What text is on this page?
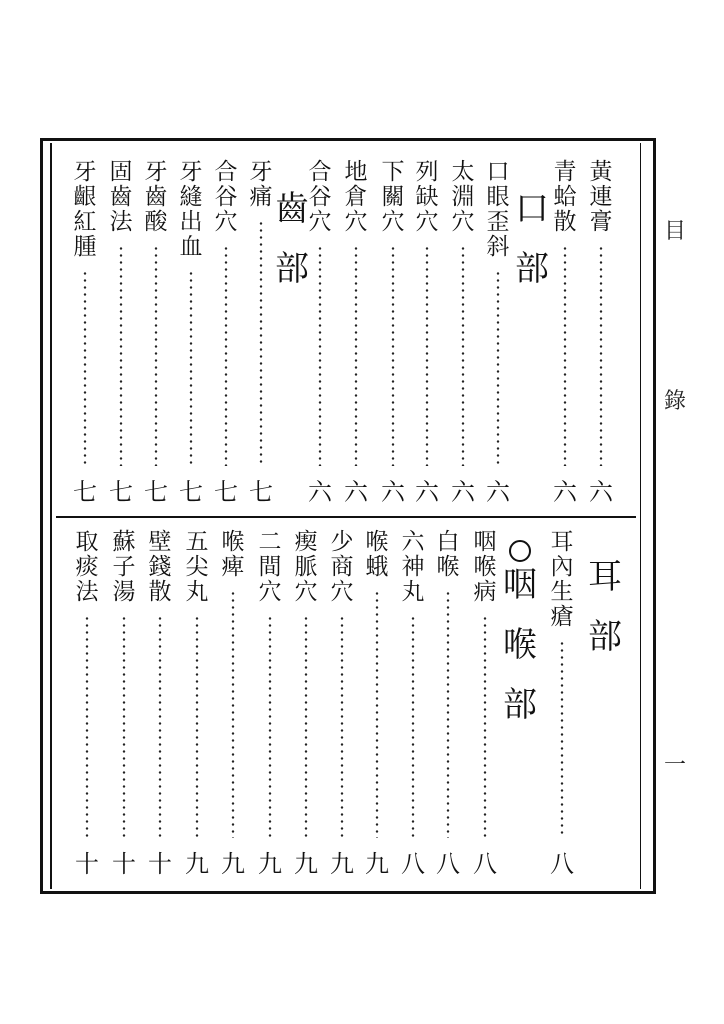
目
錄
一
口
部
齒
部
黃
連
膏
六
青
蛤
散
六
口
眼
歪
斜
六
太
淵
穴
六
列
缺
穴
六
下
關
穴
六
地
倉
穴
六
合
谷
穴
六
牙
痛
七
合
谷
穴
七
牙
縫
出
血
七
牙
齒
酸
七
固
齒
法
七
牙
齦
紅
腫
七
耳
部
咽
喉
部
耳
內
生
瘡
八
咽
喉
病
八
白
喉
八
六
神
丸
八
喉
蛾
九
少
商
穴
九
瘈
脈
穴
九
二
間
穴
九
喉
痺
九
五
尖
丸
九
壁
錢
散
十
蘇
子
湯
十
取
痰
法
十
